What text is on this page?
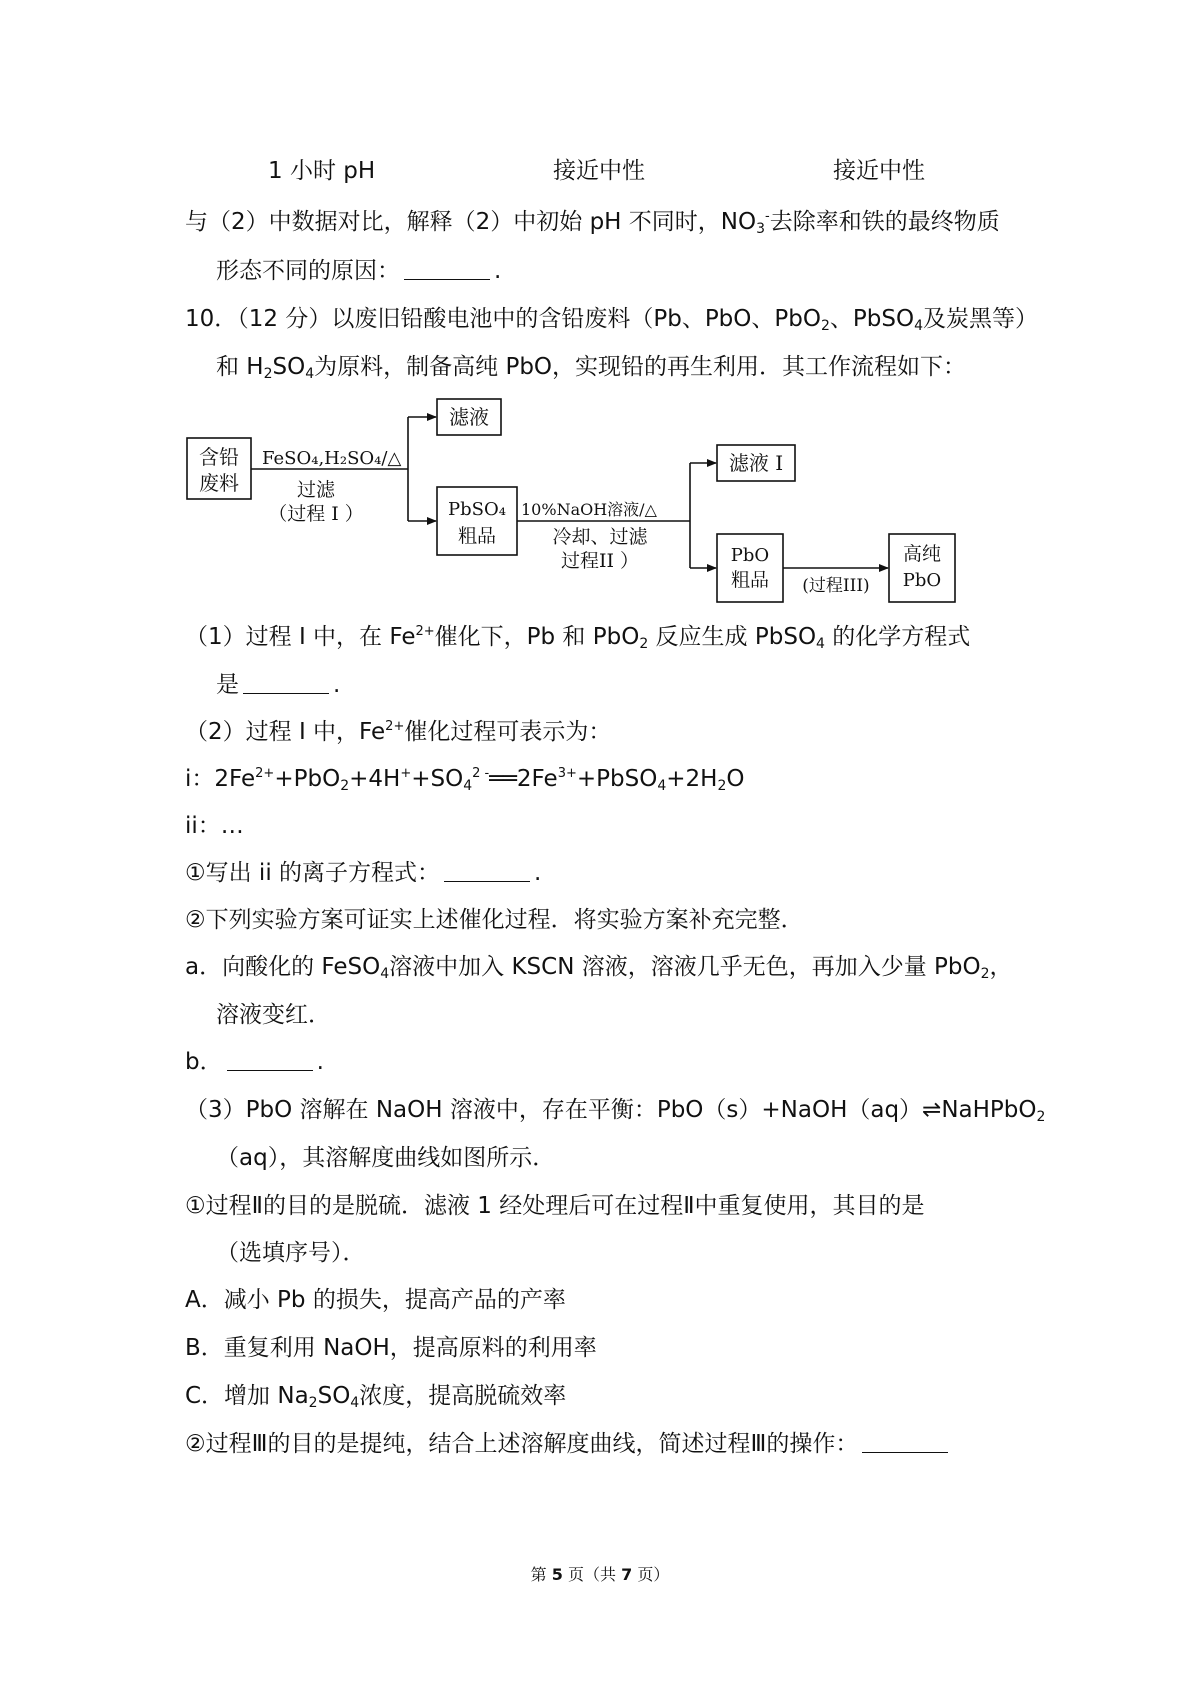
1 小时 pH	接近中性	接近中性
与（2）中数据对比，解释（2）中初始 pH 不同时，$NO_3^-$去除率和铁的最终物质
形态不同的原因：	.
10．（12 分）以废旧铅酸电池中的含铅废料（Pb、PbO、PbO$_2$、PbSO$_4$及炭黑等）
和 $H_2SO_4$为原料，制备高纯 PbO，实现铅的再生利用．其工作流程如下：
含铅
废料
FeSO₄,H₂SO₄/△
过滤
（过程 I ）
滤液
PbSO₄
粗品
10%NaOH溶液/△
冷却、过滤
过程II ）
滤液 I
PbO
粗品 (过程III)
高纯
PbO
（1）过程 I 中，在 $Fe^{2+}$催化下，Pb 和 PbO$_2$ 反应生成 PbSO$_4$ 的化学方程式
是	.
（2）过程 I 中，$Fe^{2+}$催化过程可表示为：
i：$2Fe^{2+}+PbO_2+4H^++SO_4^{2 -}══2Fe^{3+}+PbSO_4+2H_2O$
ii：…
①写出 ii 的离子方程式：	.
②下列实验方案可证实上述催化过程．将实验方案补充完整．
a．向酸化的 FeSO$_4$溶液中加入 KSCN 溶液，溶液几乎无色，再加入少量 PbO$_2$，
溶液变红．
b．	.
（3）PbO 溶解在 NaOH 溶液中，存在平衡：PbO（s）+NaOH（aq）⇌NaHPbO$_2$
（aq），其溶解度曲线如图所示．
①过程Ⅱ的目的是脱硫．滤液 1 经处理后可在过程Ⅱ中重复使用，其目的是
（选填序号）．
A．减小 Pb 的损失，提高产品的产率
B．重复利用 NaOH，提高原料的利用率
C．增加 $Na_2SO_4$浓度，提高脱硫效率
②过程Ⅲ的目的是提纯，结合上述溶解度曲线，简述过程Ⅲ的操作：
第 5 页（共 7 页）
